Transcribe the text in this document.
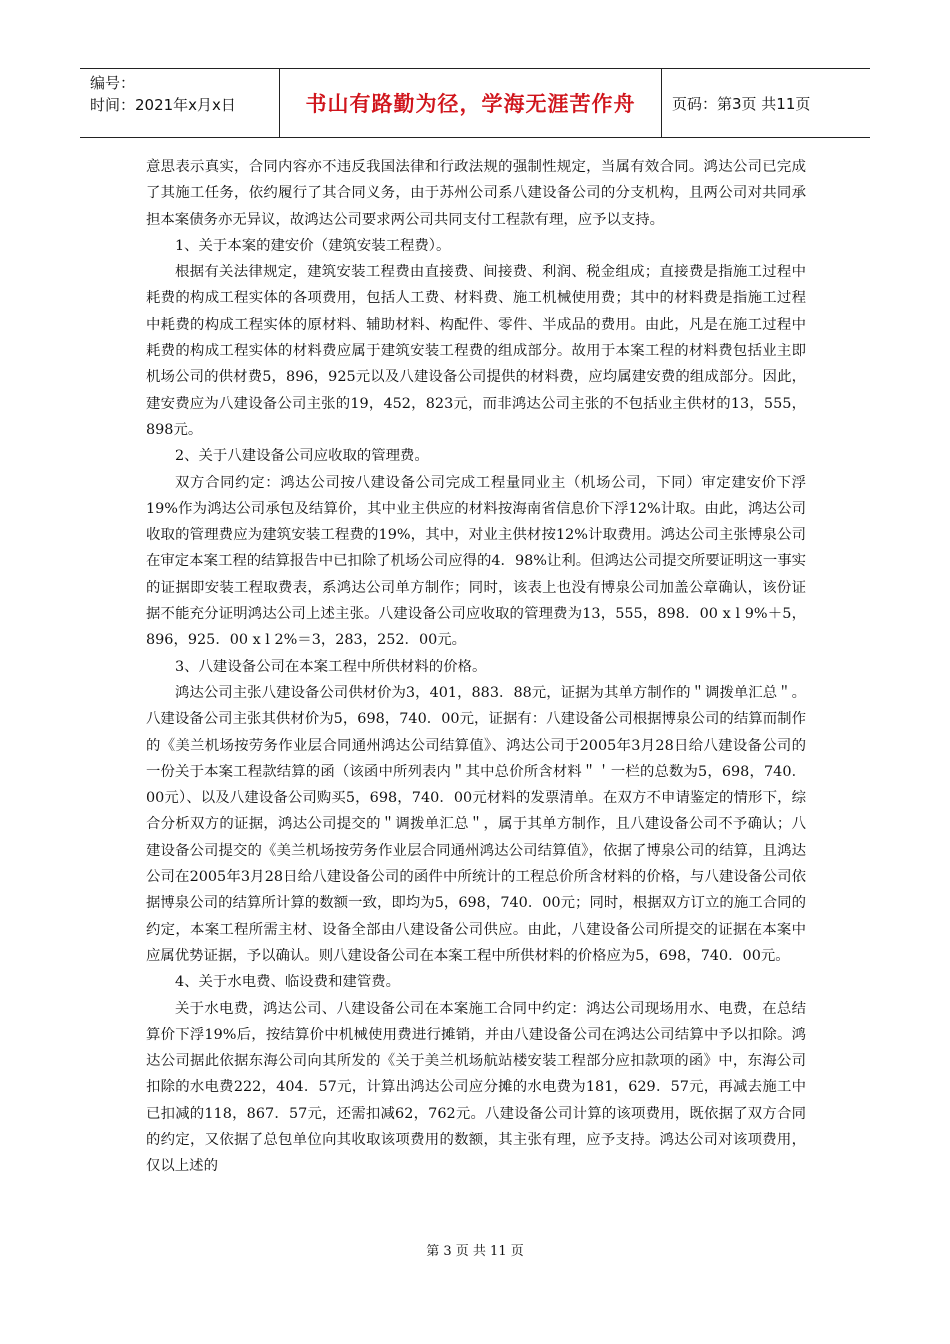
编号：
时间：2021年x月x日	书山有路勤为径，学海无涯苦作舟 页码：第3页 共11页

意思表示真实，合同内容亦不违反我国法律和行政法规的强制性规定，当属有效合同。鸿达公司已完成了其施工任务，依约履行了其合同义务，由于苏州公司系八建设备公司的分支机构，且两公司对共同承担本案债务亦无异议，故鸿达公司要求两公司共同支付工程款有理，应予以支持。

1、关于本案的建安价（建筑安装工程费）。

根据有关法律规定，建筑安装工程费由直接费、间接费、利润、税金组成；直接费是指施工过程中耗费的构成工程实体的各项费用，包括人工费、材料费、施工机械使用费；其中的材料费是指施工过程中耗费的构成工程实体的原材料、辅助材料、构配件、零件、半成品的费用。由此，凡是在施工过程中耗费的构成工程实体的材料费应属于建筑安装工程费的组成部分。故用于本案工程的材料费包括业主即机场公司的供材费5，896，925元以及八建设备公司提供的材料费，应均属建安费的组成部分。因此，建安费应为八建设备公司主张的19，452，823元，而非鸿达公司主张的不包括业主供材的13，555，898元。

2、关于八建设备公司应收取的管理费。

双方合同约定：鸿达公司按八建设备公司完成工程量同业主（机场公司，下同）审定建安价下浮19%作为鸿达公司承包及结算价，其中业主供应的材料按海南省信息价下浮12%计取。由此，鸿达公司收取的管理费应为建筑安装工程费的19%，其中，对业主供材按12%计取费用。鸿达公司主张博泉公司在审定本案工程的结算报告中已扣除了机场公司应得的4．98%让利。但鸿达公司提交所要证明这一事实的证据即安装工程取费表，系鸿达公司单方制作；同时，该表上也没有博泉公司加盖公章确认，该份证据不能充分证明鸿达公司上述主张。八建设备公司应收取的管理费为13，555，898．00 x l 9%＋5，896，925．00 x l 2%＝3，283，252．00元。

3、八建设备公司在本案工程中所供材料的价格。

鸿达公司主张八建设备公司供材价为3，401，883．88元，证据为其单方制作的＂调拨单汇总＂。八建设备公司主张其供材价为5，698，740．00元，证据有：八建设备公司根据博泉公司的结算而制作的《美兰机场按劳务作业层合同通州鸿达公司结算值》、鸿达公司于2005年3月28日给八建设备公司的一份关于本案工程款结算的函（该函中所列表内＂其中总价所含材料＂＇一栏的总数为5，698，740．00元）、以及八建设备公司购买5，698，740．00元材料的发票清单。在双方不申请鉴定的情形下，综合分析双方的证据，鸿达公司提交的＂调拨单汇总＂，属于其单方制作，且八建设备公司不予确认；八建设备公司提交的《美兰机场按劳务作业层合同通州鸿达公司结算值》，依据了博泉公司的结算，且鸿达公司在2005年3月28日给八建设备公司的函件中所统计的工程总价所含材料的价格，与八建设备公司依据博泉公司的结算所计算的数额一致，即均为5，698，740．00元；同时，根据双方订立的施工合同的约定，本案工程所需主材、设备全部由八建设备公司供应。由此，八建设备公司所提交的证据在本案中应属优势证据，予以确认。则八建设备公司在本案工程中所供材料的价格应为5，698，740．00元。

4、关于水电费、临设费和建管费。

关于水电费，鸿达公司、八建设备公司在本案施工合同中约定：鸿达公司现场用水、电费，在总结算价下浮19%后，按结算价中机械使用费进行摊销，并由八建设备公司在鸿达公司结算中予以扣除。鸿达公司据此依据东海公司向其所发的《关于美兰机场航站楼安装工程部分应扣款项的函》中，东海公司扣除的水电费222，404．57元，计算出鸿达公司应分摊的水电费为181，629．57元，再减去施工中已扣减的118，867．57元，还需扣减62，762元。八建设备公司计算的该项费用，既依据了双方合同的约定，又依据了总包单位向其收取该项费用的数额，其主张有理，应予支持。鸿达公司对该项费用，仅以上述的

第 3 页 共 11 页
